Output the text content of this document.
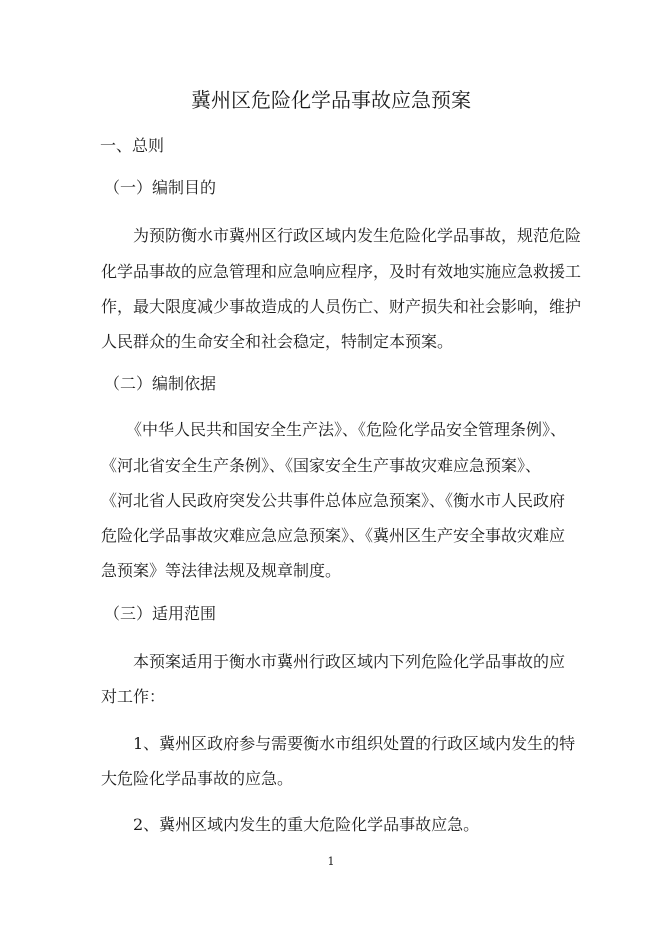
冀州区危险化学品事故应急预案

一、总则

（一）编制目的

为预防衡水市冀州区行政区域内发生危险化学品事故，规范危险

化学品事故的应急管理和应急响应程序，及时有效地实施应急救援工

作，最大限度减少事故造成的人员伤亡、财产损失和社会影响，维护

人民群众的生命安全和社会稳定，特制定本预案。

（二）编制依据

《中华人民共和国安全生产法》、《危险化学品安全管理条例》、

《河北省安全生产条例》、《国家安全生产事故灾难应急预案》、

《河北省人民政府突发公共事件总体应急预案》、《衡水市人民政府

危险化学品事故灾难应急应急预案》、《冀州区生产安全事故灾难应

急预案》等法律法规及规章制度。

（三）适用范围

本预案适用于衡水市冀州行政区域内下列危险化学品事故的应

对工作：

1、冀州区政府参与需要衡水市组织处置的行政区域内发生的特

大危险化学品事故的应急。

2、冀州区域内发生的重大危险化学品事故应急。

1
